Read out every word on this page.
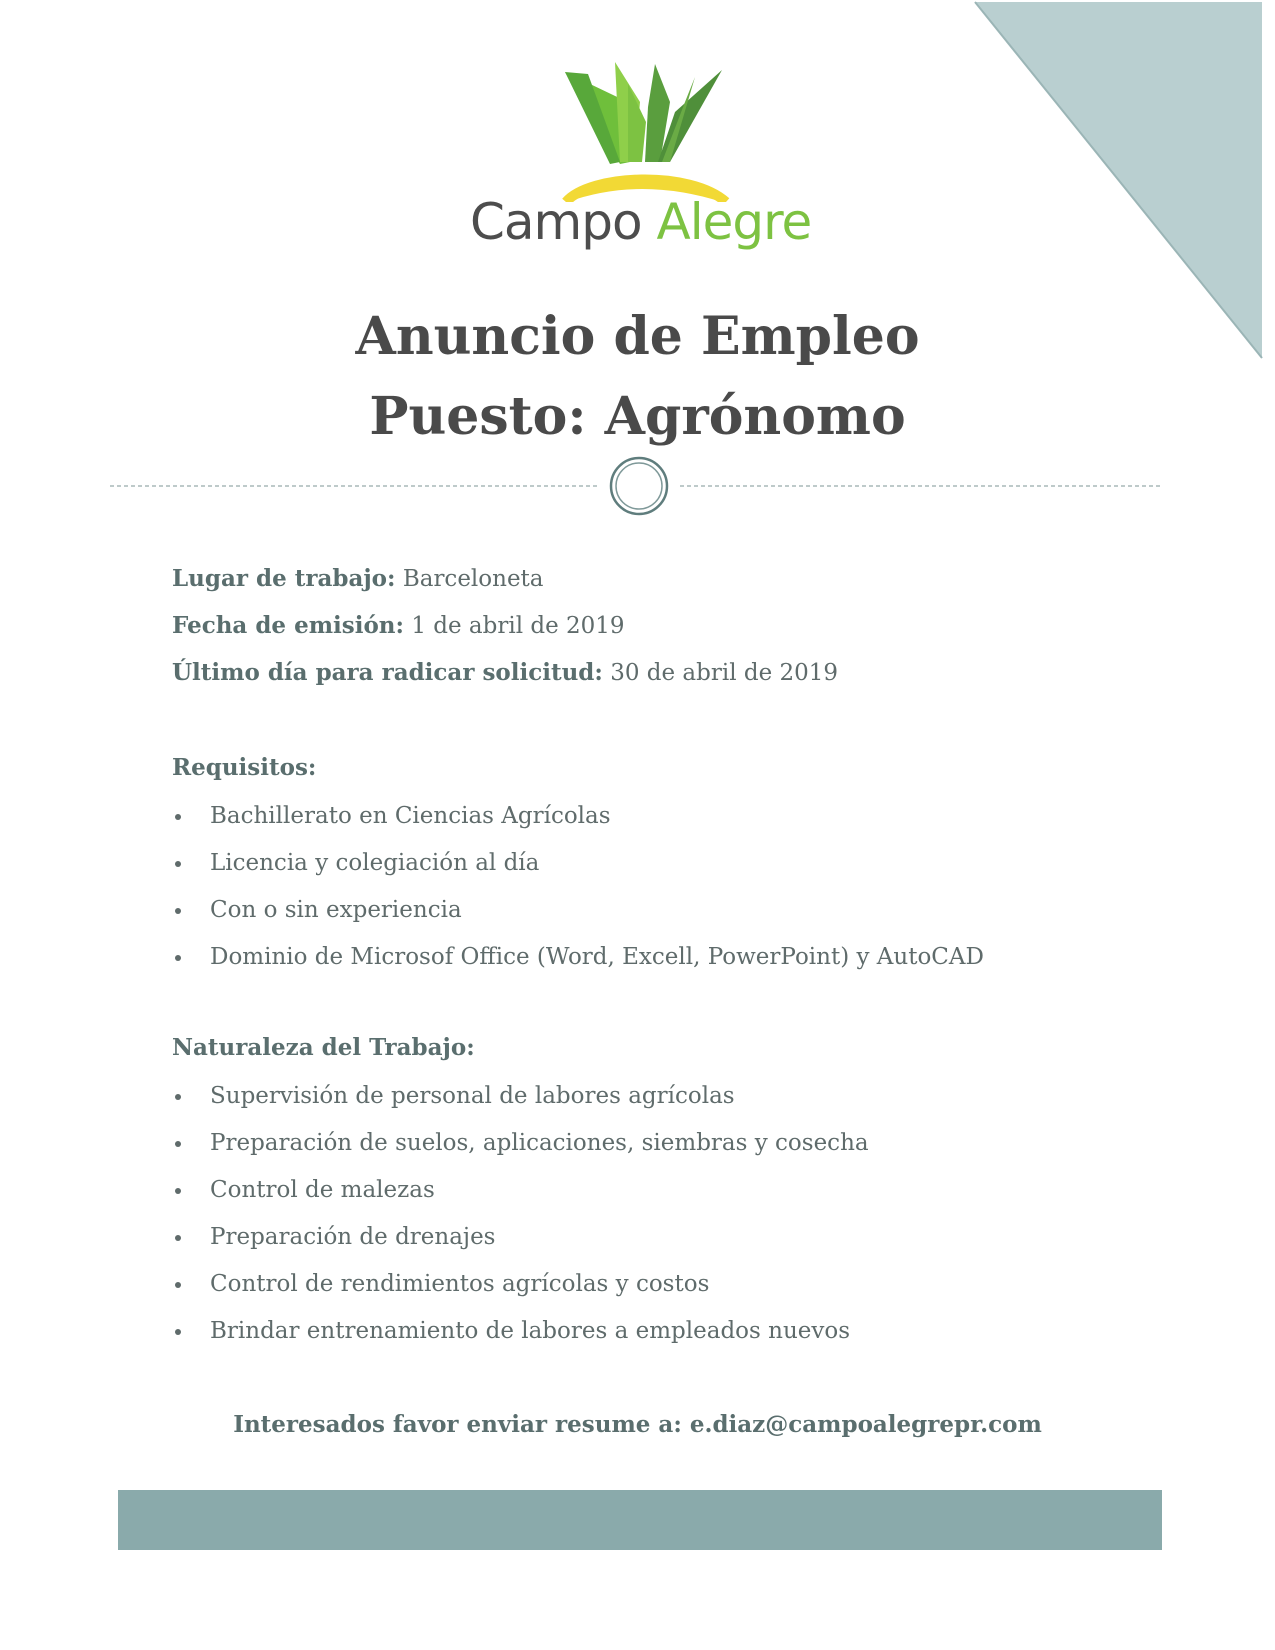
Campo Alegre
Anuncio de Empleo
Puesto: Agrónomo
Lugar de trabajo: Barceloneta
Fecha de emisión: 1 de abril de 2019
Último día para radicar solicitud: 30 de abril de 2019
Requisitos:
Bachillerato en Ciencias Agrícolas
Licencia y colegiación al día
Con o sin experiencia
Dominio de Microsof Office (Word, Excell, PowerPoint) y AutoCAD
Naturaleza del Trabajo:
Supervisión de personal de labores agrícolas
Preparación de suelos, aplicaciones, siembras y cosecha
Control de malezas
Preparación de drenajes
Control de rendimientos agrícolas y costos
Brindar entrenamiento de labores a empleados nuevos
Interesados favor enviar resume a: e.diaz@campoalegrepr.com
